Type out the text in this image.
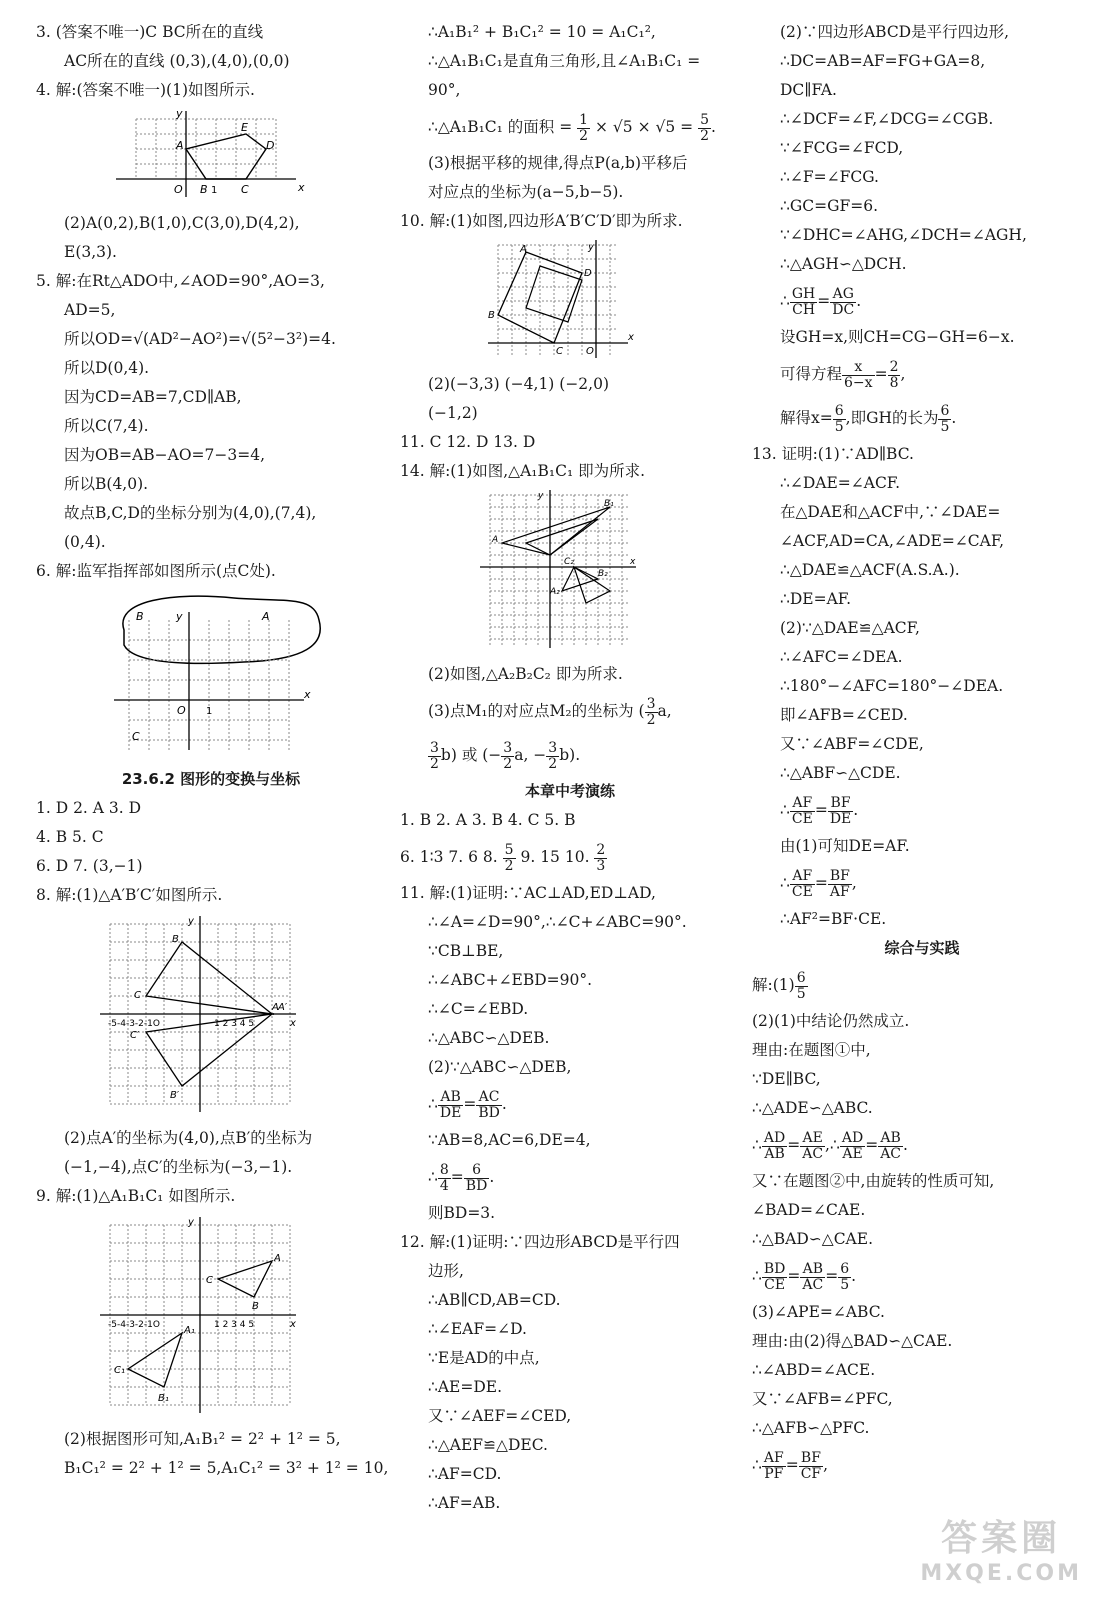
3. (答案不唯一)C BC所在的直线
AC所在的直线 (0,3),(4,0),(0,0)
4. 解:(答案不唯一)(1)如图所示.
y
x
O
A
B 1 C
D
E
(2)A(0,2),B(1,0),C(3,0),D(4,2),
E(3,3).
5. 解:在Rt△ADO中,∠AOD=90°,AO=3,
AD=5,
所以OD=√(AD²−AO²)=√(5²−3²)=4.
所以D(0,4).
因为CD=AB=7,CD∥AB,
所以C(7,4).
因为OB=AB−AO=7−3=4,
所以B(4,0).
故点B,C,D的坐标分别为(4,0),(7,4),
(0,4).
6. 解:监军指挥部如图所示(点C处).
y
x
O 1
A
B
C
23.6.2 图形的变换与坐标
1. D 2. A 3. D
4. B 5. C
6. D 7. (3,−1)
8. 解:(1)△A′B′C′如图所示.
y
x
A
B
C
A′
B′
C′
-5-4-3-2-1O	1 2 3 4 5
(2)点A′的坐标为(4,0),点B′的坐标为
(−1,−4),点C′的坐标为(−3,−1).
9. 解:(1)△A₁B₁C₁ 如图所示.
y
x
A
B
C
A₁
B₁
C₁
-5-4-3-2-1O	1 2 3 4 5
(2)根据图形可知,A₁B₁² = 2² + 1² = 5,
B₁C₁² = 2² + 1² = 5,A₁C₁² = 3² + 1² = 10,
∴A₁B₁² + B₁C₁² = 10 = A₁C₁²,
∴△A₁B₁C₁是直角三角形,且∠A₁B₁C₁ =
90°,
∴△A₁B₁C₁ 的面积 = $\frac{1}{2} \times √5 \times √5 = \frac{5}{2}$ .
(3)根据平移的规律,得点P(a,b)平移后
对应点的坐标为(a−5,b−5).
10. 解:(1)如图,四边形A′B′C′D′即为所求.
y
x
A
B
C
D
O
(2)(−3,3) (−4,1) (−2,0)
(−1,2)
11. C 12. D 13. D
14. 解:(1)如图,△A₁B₁C₁ 即为所求.
y
x
B₁
A
C₂
A₂
B₂
(2)如图,△A₂B₂C₂ 即为所求.
(3)点M₁的对应点M₂的坐标为 ( $\frac{3}{2} a$,
$\frac{3}{2} b$) 或 (− $\frac{3}{2} a$, − $\frac{3}{2} b$).
本章中考演练
1. B 2. A 3. B 4. C 5. B
6. 1∶3 7. 6 8. $\frac{5}{2} 9$. 15 10. $\frac{2}{3}$
11. 解:(1)证明:∵AC⊥AD,ED⊥AD,
∴∠A=∠D=90°,∴∠C+∠ABC=90°.
∵CB⊥BE,
∴∠ABC+∠EBD=90°.
∴∠C=∠EBD.
∴△ABC∽△DEB.
(2)∵△ABC∽△DEB,
∴ $\frac{AB}{DE} = \frac{AC}{BD}$ .
∵AB=8,AC=6,DE=4,
∴ $\frac{8}{4} = \frac{6}{BD}$ .
则BD=3.
12. 解:(1)证明:∵四边形ABCD是平行四
边形,
∴AB∥CD,AB=CD.
∴∠EAF=∠D.
∵E是AD的中点,
∴AE=DE.
又∵∠AEF=∠CED,
∴△AEF≌△DEC.
∴AF=CD.
∴AF=AB.
(2)∵四边形ABCD是平行四边形,
∴DC=AB=AF=FG+GA=8,
DC∥FA.
∴∠DCF=∠F,∠DCG=∠CGB.
∵∠FCG=∠FCD,
∴∠F=∠FCG.
∴GC=GF=6.
∵∠DHC=∠AHG,∠DCH=∠AGH,
∴△AGH∽△DCH.
∴ $\frac{GH}{CH} = \frac{AG}{DC}$ .
设GH=x,则CH=CG−GH=6−x.
可得方程 $\frac{x}{6-x} = \frac{2}{8}$ ,
解得$x= \frac{6}{5}$ ,即GH的长为 $\frac{6}{5}$ .
13. 证明:(1)∵AD∥BC.
∴∠DAE=∠ACF.
在△DAE和△ACF中,∵∠DAE=
∠ACF,AD=CA,∠ADE=∠CAF,
∴△DAE≌△ACF(A.S.A.).
∴DE=AF.
(2)∵△DAE≌△ACF,
∴∠AFC=∠DEA.
∴180°−∠AFC=180°−∠DEA.
即∠AFB=∠CED.
又∵∠ABF=∠CDE,
∴△ABF∽△CDE.
∴ $\frac{AF}{CE} = \frac{BF}{DE}$ .
由(1)可知DE=AF.
∴ $\frac{AF}{CE} = \frac{BF}{AF}$ ,
∴AF²=BF·CE.
综合与实践
解:(1) $\frac{6}{5}$
(2)(1)中结论仍然成立.
理由:在题图①中,
∵DE∥BC,
∴△ADE∽△ABC.
∴ $\frac{AD}{AB} = \frac{AE}{AC}$ ,∴ $\frac{AD}{AE} = \frac{AB}{AC}$ .
又∵在题图②中,由旋转的性质可知,
∠BAD=∠CAE.
∴△BAD∽△CAE.
∴ $\frac{BD}{CE} = \frac{AB}{AC} = \frac{6}{5}$ .
(3)∠APE=∠ABC.
理由:由(2)得△BAD∽△CAE.
∴∠ABD=∠ACE.
又∵∠AFB=∠PFC,
∴△AFB∽△PFC.
∴ $\frac{AF}{PF} = \frac{BF}{CF}$ ,
答案圈
MXQE.COM
